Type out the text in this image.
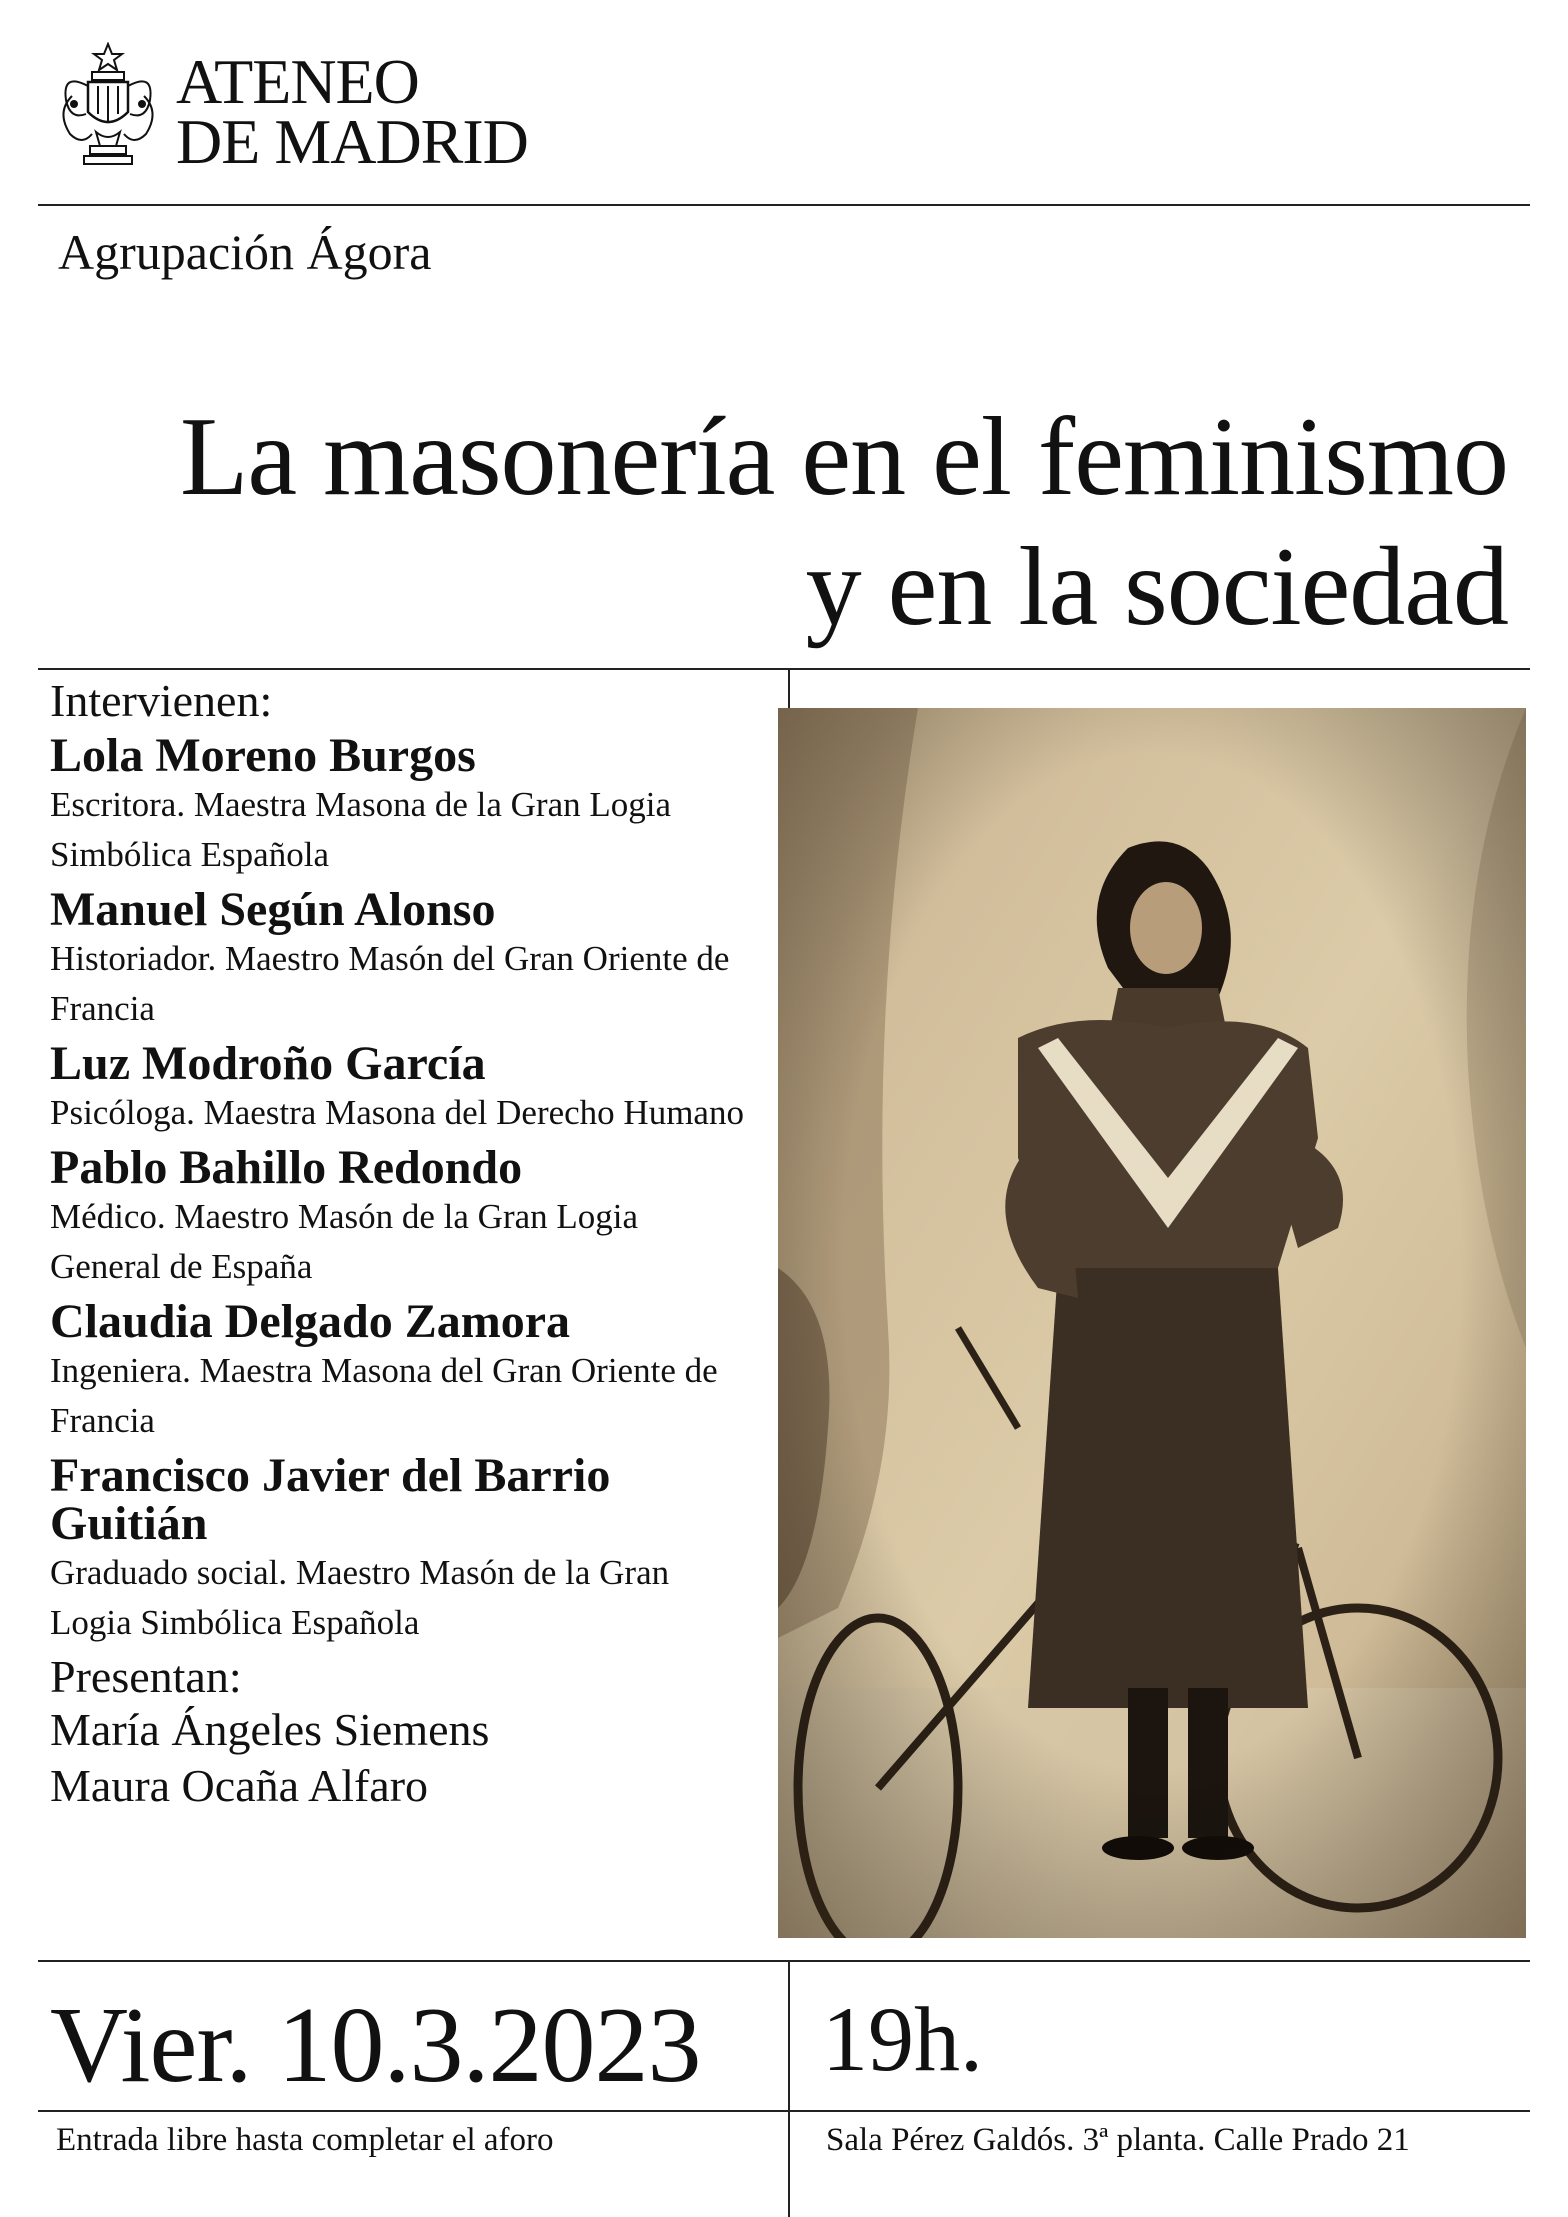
ATENEO
DE MADRID
Agrupación Ágora
La masonería en el feminismo
y en la sociedad
Intervienen:
Lola Moreno Burgos
Escritora. Maestra Masona de la Gran Logia Simbólica Española
Manuel Según Alonso
Historiador. Maestro Masón del Gran Oriente de Francia
Luz Modroño García
Psicóloga. Maestra Masona del Derecho Humano
Pablo Bahillo Redondo
Médico. Maestro Masón de la Gran Logia General de España
Claudia Delgado Zamora
Ingeniera. Maestra Masona del Gran Oriente de Francia
Francisco Javier del Barrio Guitián
Graduado social. Maestro Masón de la Gran Logia Simbólica Española
Presentan:
María Ángeles Siemens
Maura Ocaña Alfaro
Vier. 10.3.2023 19h.
Entrada libre hasta completar el aforo	Sala Pérez Galdós. 3ª planta. Calle Prado 21
